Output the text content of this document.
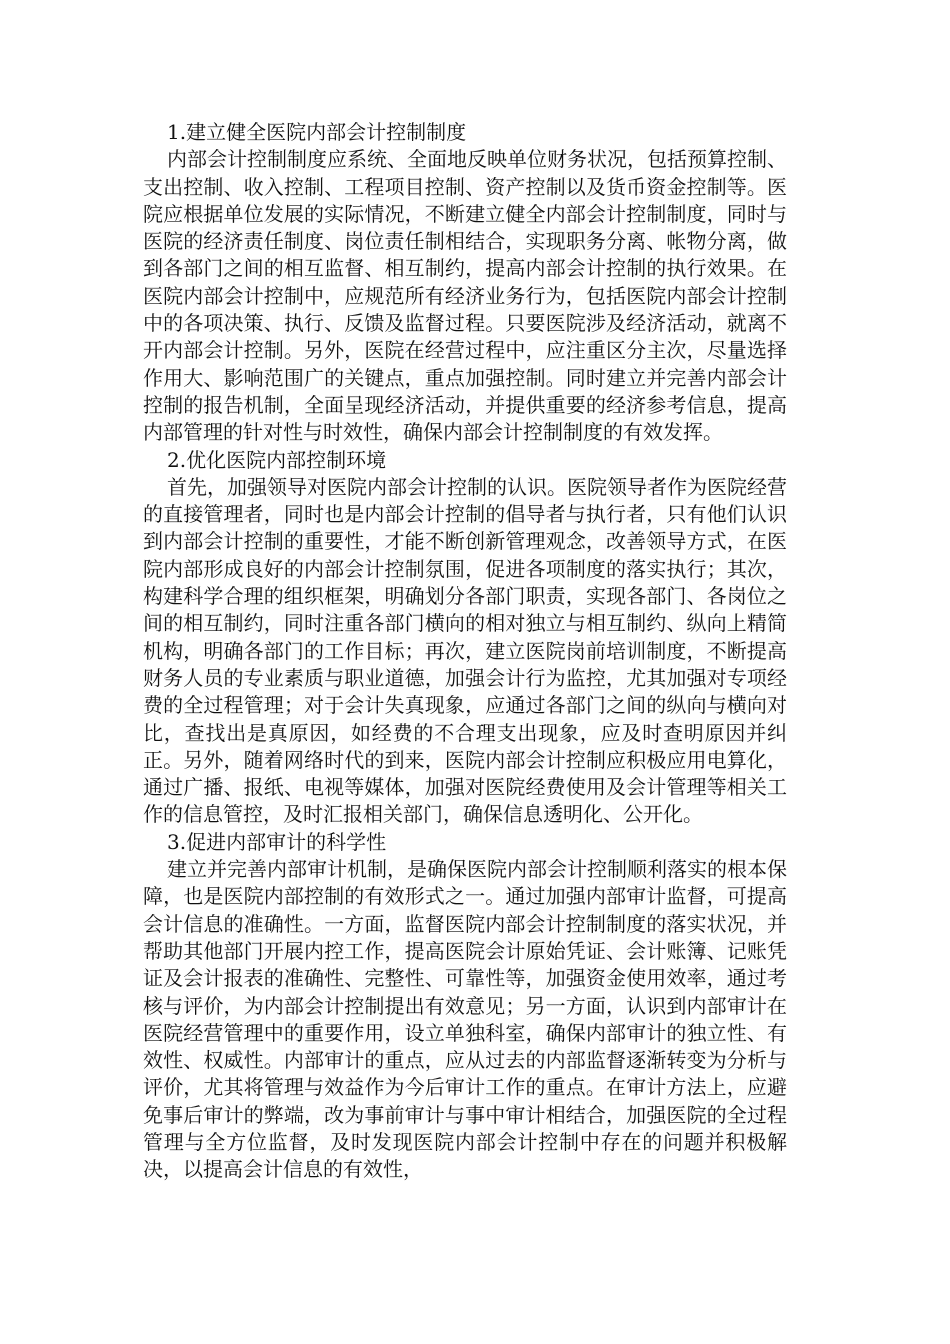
1.建立健全医院内部会计控制制度

内部会计控制制度应系统、全面地反映单位财务状况，包括预算控制、支出控制、收入控制、工程项目控制、资产控制以及货币资金控制等。医院应根据单位发展的实际情况，不断建立健全内部会计控制制度，同时与医院的经济责任制度、岗位责任制相结合，实现职务分离、帐物分离，做到各部门之间的相互监督、相互制约，提高内部会计控制的执行效果。在医院内部会计控制中，应规范所有经济业务行为，包括医院内部会计控制中的各项决策、执行、反馈及监督过程。只要医院涉及经济活动，就离不开内部会计控制。另外，医院在经营过程中，应注重区分主次，尽量选择作用大、影响范围广的关键点，重点加强控制。同时建立并完善内部会计控制的报告机制，全面呈现经济活动，并提供重要的经济参考信息，提高内部管理的针对性与时效性，确保内部会计控制制度的有效发挥。

2.优化医院内部控制环境

首先，加强领导对医院内部会计控制的认识。医院领导者作为医院经营的直接管理者，同时也是内部会计控制的倡导者与执行者，只有他们认识到内部会计控制的重要性，才能不断创新管理观念，改善领导方式，在医院内部形成良好的内部会计控制氛围，促进各项制度的落实执行；其次，构建科学合理的组织框架，明确划分各部门职责，实现各部门、各岗位之间的相互制约，同时注重各部门横向的相对独立与相互制约、纵向上精简机构，明确各部门的工作目标；再次，建立医院岗前培训制度，不断提高财务人员的专业素质与职业道德，加强会计行为监控，尤其加强对专项经费的全过程管理；对于会计失真现象，应通过各部门之间的纵向与横向对比，查找出是真原因，如经费的不合理支出现象，应及时查明原因并纠正。另外，随着网络时代的到来，医院内部会计控制应积极应用电算化，通过广播、报纸、电视等媒体，加强对医院经费使用及会计管理等相关工作的信息管控，及时汇报相关部门，确保信息透明化、公开化。

3.促进内部审计的科学性

建立并完善内部审计机制，是确保医院内部会计控制顺利落实的根本保障，也是医院内部控制的有效形式之一。通过加强内部审计监督，可提高会计信息的准确性。一方面，监督医院内部会计控制制度的落实状况，并帮助其他部门开展内控工作，提高医院会计原始凭证、会计账簿、记账凭证及会计报表的准确性、完整性、可靠性等，加强资金使用效率，通过考核与评价，为内部会计控制提出有效意见；另一方面，认识到内部审计在医院经营管理中的重要作用，设立单独科室，确保内部审计的独立性、有效性、权威性。内部审计的重点，应从过去的内部监督逐渐转变为分析与评价，尤其将管理与效益作为今后审计工作的重点。在审计方法上，应避免事后审计的弊端，改为事前审计与事中审计相结合，加强医院的全过程管理与全方位监督，及时发现医院内部会计控制中存在的问题并积极解决，以提高会计信息的有效性，
